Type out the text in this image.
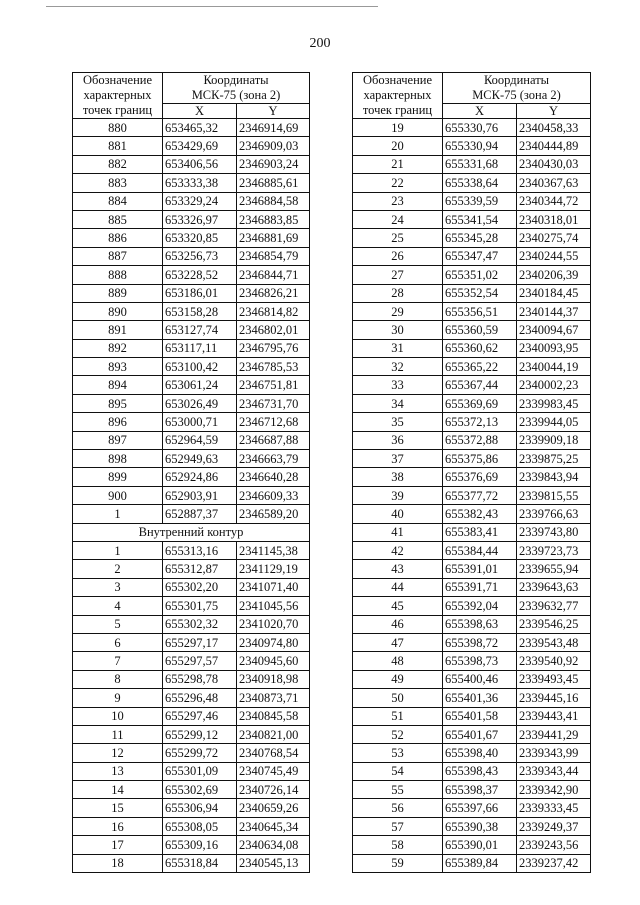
200
Обозначение
характерных
точек границ	Координаты
МСК-75 (зона 2)	

	X	Y
880	653465,32	2346914,69
881	653429,69	2346909,03
882	653406,56	2346903,24
883	653333,38	2346885,61
884	653329,24	2346884,58
885	653326,97	2346883,85
886	653320,85	2346881,69
887	653256,73	2346854,79
888	653228,52	2346844,71
889	653186,01	2346826,21
890	653158,28	2346814,82
891	653127,74	2346802,01
892	653117,11	2346795,76
893	653100,42	2346785,53
894	653061,24	2346751,81
895	653026,49	2346731,70
896	653000,71	2346712,68
897	652964,59	2346687,88
898	652949,63	2346663,79
899	652924,86	2346640,28
900	652903,91	2346609,33
1	652887,37	2346589,20
Внутренний контур		
1	655313,16	2341145,38
2	655312,87	2341129,19
3	655302,20	2341071,40
4	655301,75	2341045,56
5	655302,32	2341020,70
6	655297,17	2340974,80
7	655297,57	2340945,60
8	655298,78	2340918,98
9	655296,48	2340873,71
10	655297,46	2340845,58
11	655299,12	2340821,00
12	655299,72	2340768,54
13	655301,09	2340745,49
14	655302,69	2340726,14
15	655306,94	2340659,26
16	655308,05	2340645,34
17	655309,16	2340634,08
18	655318,84	2340545,13
Обозначение
характерных
точек границ	Координаты
МСК-75 (зона 2)	

	X	Y
19	655330,76	2340458,33
20	655330,94	2340444,89
21	655331,68	2340430,03
22	655338,64	2340367,63
23	655339,59	2340344,72
24	655341,54	2340318,01
25	655345,28	2340275,74
26	655347,47	2340244,55
27	655351,02	2340206,39
28	655352,54	2340184,45
29	655356,51	2340144,37
30	655360,59	2340094,67
31	655360,62	2340093,95
32	655365,22	2340044,19
33	655367,44	2340002,23
34	655369,69	2339983,45
35	655372,13	2339944,05
36	655372,88	2339909,18
37	655375,86	2339875,25
38	655376,69	2339843,94
39	655377,72	2339815,55
40	655382,43	2339766,63
41	655383,41	2339743,80
42	655384,44	2339723,73
43	655391,01	2339655,94
44	655391,71	2339643,63
45	655392,04	2339632,77
46	655398,63	2339546,25
47	655398,72	2339543,48
48	655398,73	2339540,92
49	655400,46	2339493,45
50	655401,36	2339445,16
51	655401,58	2339443,41
52	655401,67	2339441,29
53	655398,40	2339343,99
54	655398,43	2339343,44
55	655398,37	2339342,90
56	655397,66	2339333,45
57	655390,38	2339249,37
58	655390,01	2339243,56
59	655389,84	2339237,42
